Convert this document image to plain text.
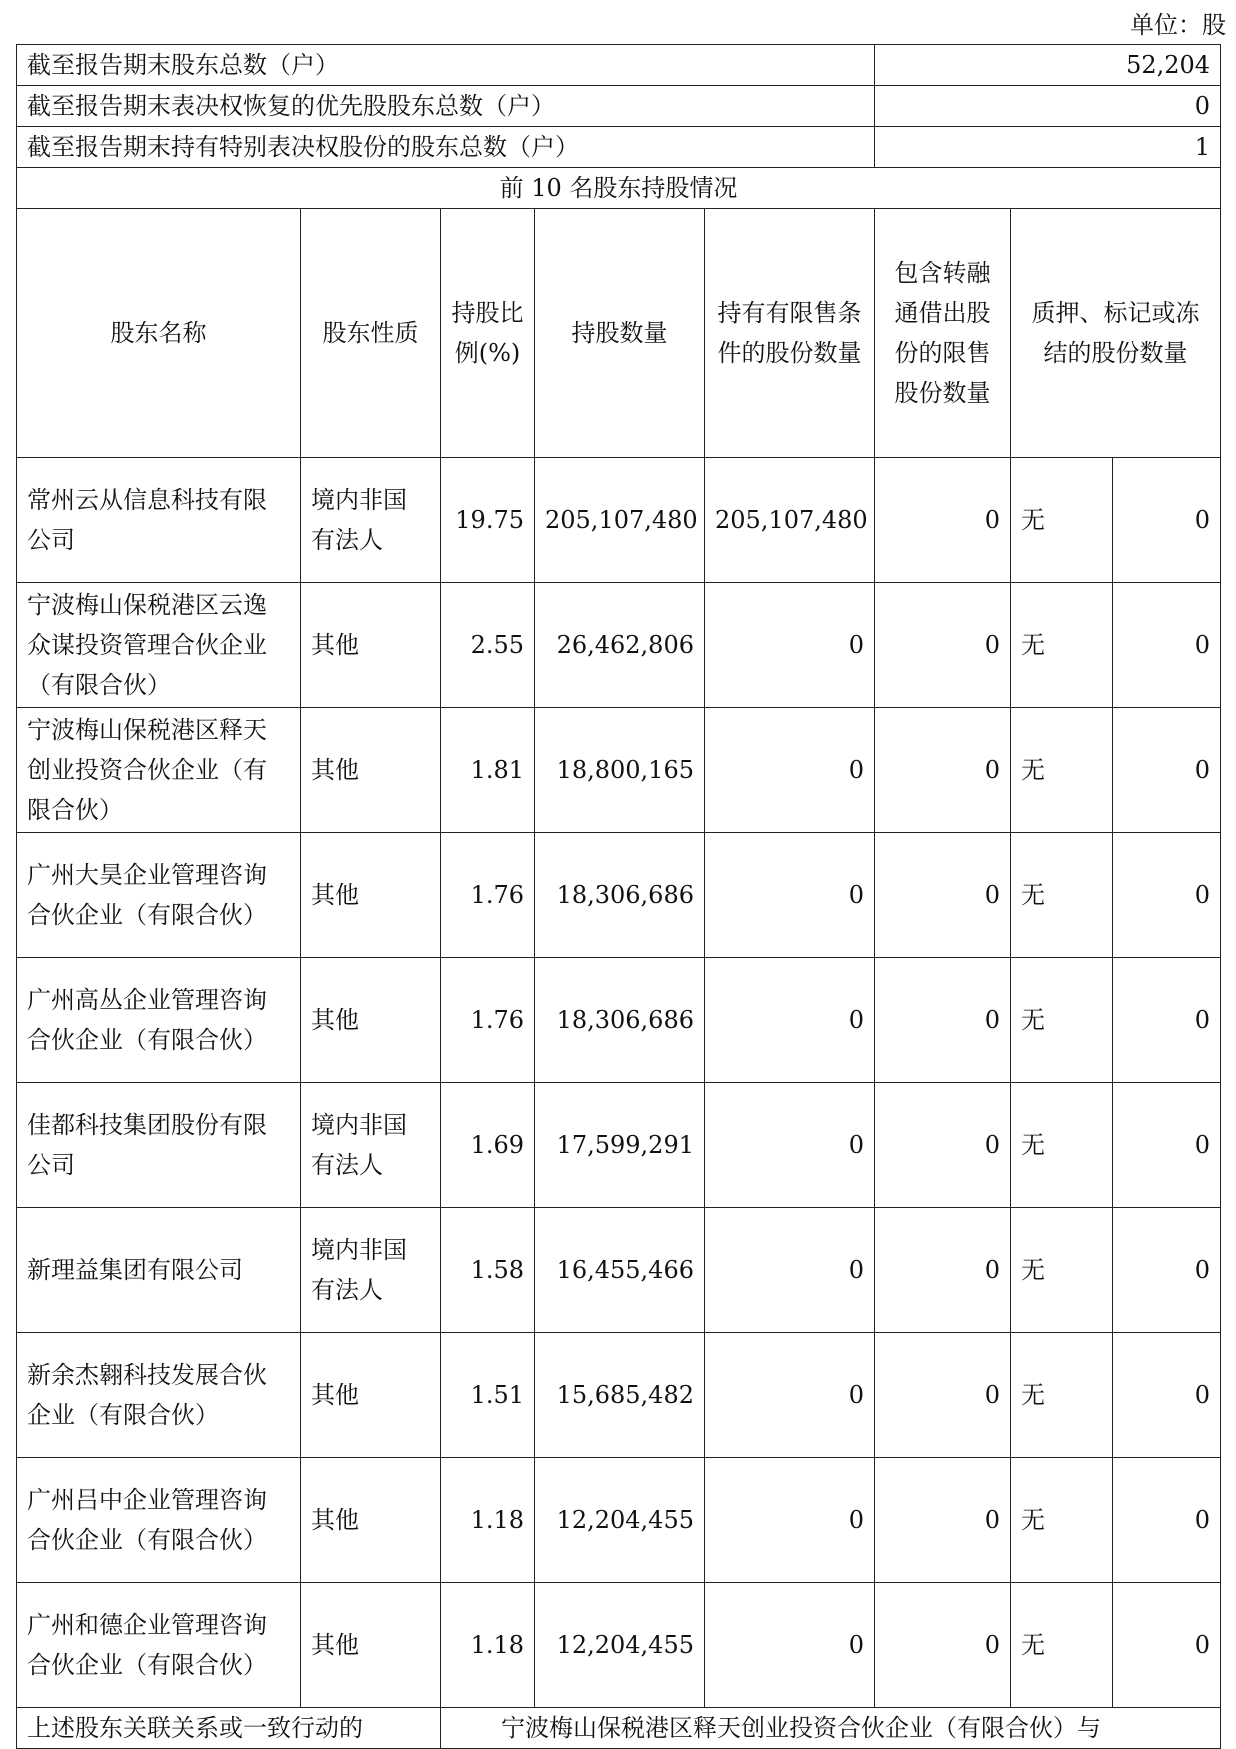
单位：股
截至报告期末股东总数（户）					52,204		
截至报告期末表决权恢复的优先股股东总数（户）					0		
截至报告期末持有特别表决权股份的股东总数（户）					1		
前 10 名股东持股情况							
股东名称	股东性质	持股比例(%)	持股数量	持有有限售条件的股份数量	包含转融通借出股份的限售股份数量	质押、标记或冻结的股份数量	
常州云从信息科技有限公司	境内非国有法人	19.75	205,107,480	205,107,480	0	无	0
宁波梅山保税港区云逸众谋投资管理合伙企业（有限合伙）	其他	2.55	26,462,806	0	0	无	0
宁波梅山保税港区释天创业投资合伙企业（有限合伙）	其他	1.81	18,800,165	0	0	无	0
广州大昊企业管理咨询合伙企业（有限合伙）	其他	1.76	18,306,686	0	0	无	0
广州高丛企业管理咨询合伙企业（有限合伙）	其他	1.76	18,306,686	0	0	无	0
佳都科技集团股份有限公司	境内非国有法人	1.69	17,599,291	0	0	无	0
新理益集团有限公司	境内非国有法人	1.58	16,455,466	0	0	无	0
新余杰翱科技发展合伙企业（有限合伙）	其他	1.51	15,685,482	0	0	无	0
广州吕中企业管理咨询合伙企业（有限合伙）	其他	1.18	12,204,455	0	0	无	0
广州和德企业管理咨询合伙企业（有限合伙）	其他	1.18	12,204,455	0	0	无	0
上述股东关联关系或一致行动的		宁波梅山保税港区释天创业投资合伙企业（有限合伙）与					
